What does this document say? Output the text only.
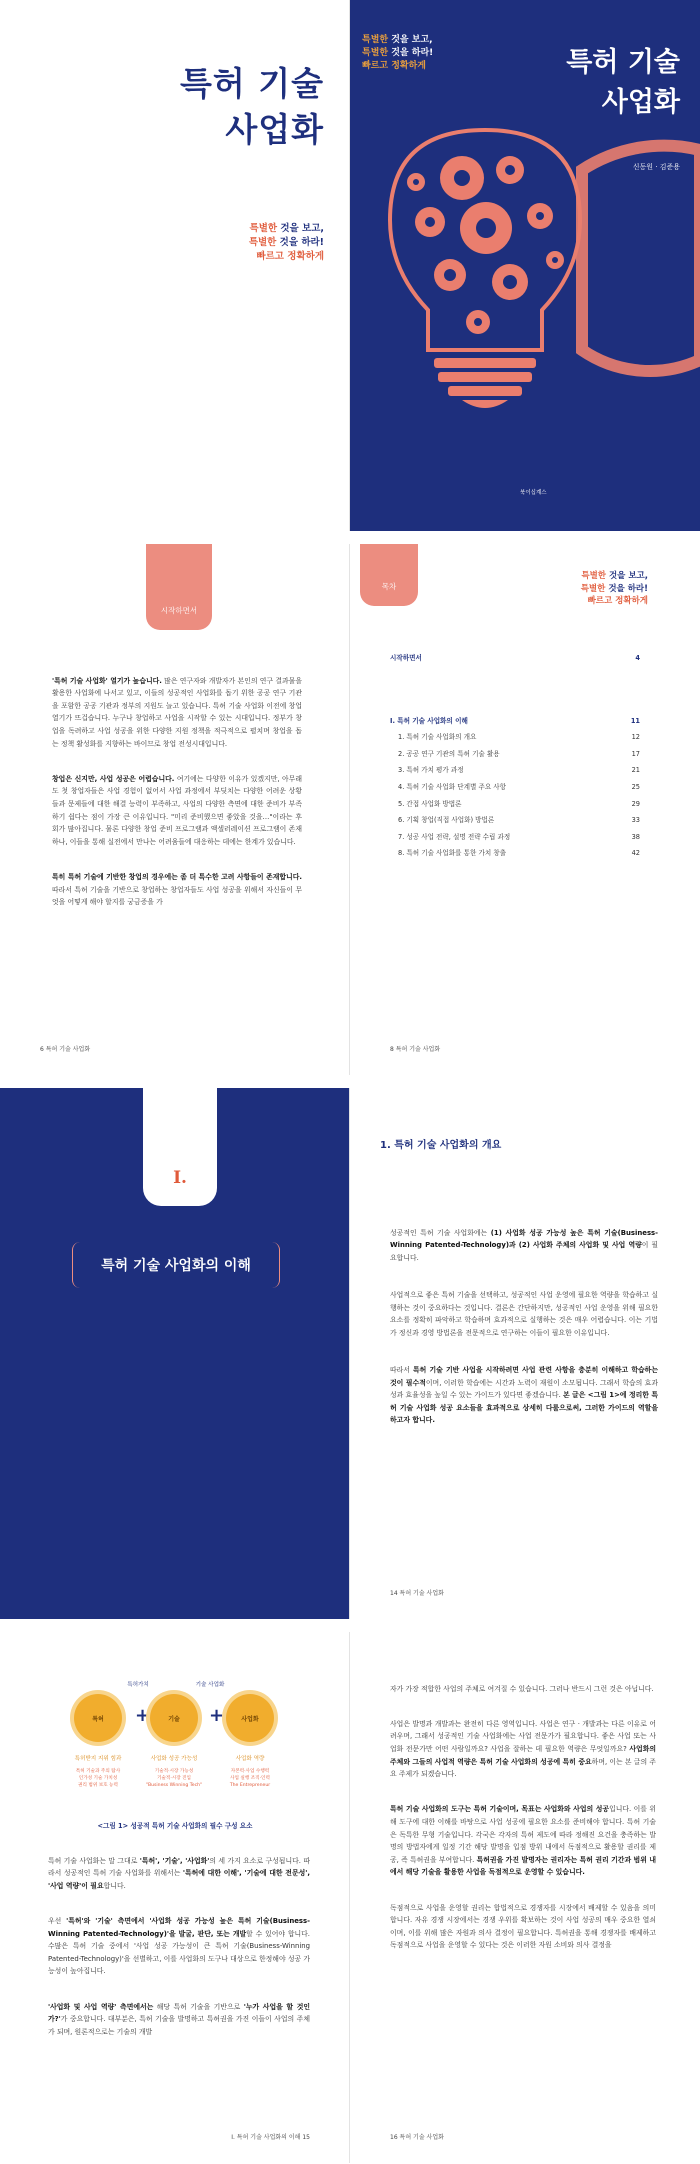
특허 기술
사업화
특별한 것을 보고,
특별한 것을 하라!
빠르고 정확하게
특별한 것을 보고,
특별한 것을 하라!
빠르고 정확하게	특허 기술
사업화
신동원 · 김준용
북이십계스
시작하면서

'특허 기술 사업화' 열기가 높습니다. 많은 연구자와 개발자가 본인의 연구 결과물을 활용한 사업화에 나서고 있고, 이들의 성공적인 사업화를 돕기 위한 공공 연구 기관을 포함한 공공 기관과 정부의 지원도 늘고 있습니다. 특허 기술 사업화 이전에 창업 열기가 뜨겁습니다. 누구나 창업하고 사업을 시작할 수 있는 시대입니다. 정부가 창업을 독려하고 사업 성공을 위한 다양한 지원 정책을 적극적으로 펼치며 창업을 돕는 정책 활성화를 지향하는 바이므로 창업 전성시대입니다.

창업은 신지만, 사업 성공은 어렵습니다. 여기에는 다양한 이유가 있겠지만, 아무래도 첫 창업자들은 사업 경험이 없어서 사업 과정에서 부딪치는 다양한 어려운 상황들과 문제들에 대한 해결 능력이 부족하고, 사업의 다양한 측면에 대한 준비가 부족하기 쉽다는 점이 가장 큰 이유입니다. "미리 준비했으면 좋았을 것을…"이라는 후회가 많아집니다. 물론 다양한 창업 준비 프로그램과 액셀러레이션 프로그램이 존재하나, 이들을 통해 실전에서 만나는 어려움들에 대응하는 데에는 한계가 있습니다.

특히 특허 기술에 기반한 창업의 경우에는 좀 더 특수한 고려 사항들이 존재합니다. 따라서 특허 기술을 기반으로 창업하는 창업자들도 사업 성공을 위해서 자신들이 무엇을 어떻게 해야 할지를 궁금증을 가

6 특허 기술 사업화
목차
특별한 것을 보고,
특별한 것을 하라!
빠르고 정확하게
시작하면서	4
I. 특허 기술 사업화의 이해	11
1. 특허 기술 사업화의 개요	12
2. 공공 연구 기관의 특허 기술 활용	17
3. 특허 가치 평가 과정	21
4. 특허 기술 사업화 단계별 주요 사항	25
5. 간접 사업화 방법론	29
6. 기획 창업(직접 사업화) 방법론	33
7. 성공 사업 전략, 설명 전략 수립 과정	38
8. 특허 기술 사업화를 통한 가치 창출	42
8 특허 기술 사업화
I.
특허 기술 사업화의 이해
1. 특허 기술 사업화의 개요

성공적인 특허 기술 사업화에는 (1) 사업화 성공 가능성 높은 특허 기술(Business-Winning Patented-Technology)과 (2) 사업화 주체의 사업화 및 사업 역량이 필요합니다.

사업적으로 좋은 특허 기술을 선택하고, 성공적인 사업 운영에 필요한 역량을 학습하고 실행하는 것이 중요하다는 것입니다. 결론은 간단하지만, 성공적인 사업 운영을 위해 필요한 요소를 정확히 파악하고 학습하며 효과적으로 실행하는 것은 매우 어렵습니다. 이는 기법가 정신과 경영 방법론을 전문적으로 연구하는 이들이 필요한 이유입니다.

따라서 특허 기술 기반 사업을 시작하려면 사업 관련 사항을 충분히 이해하고 학습하는 것이 필수적이며, 이러한 학습에는 시간과 노력이 재원이 소모됩니다. 그래서 학습의 효과성과 효율성을 높일 수 있는 가이드가 있다면 좋겠습니다. 본 글은 <그림 1>에 정리한 특허 기술 사업화 성공 요소들을 효과적으로 상세히 다룰으로써, 그러한 가이드의 역할을 하고자 합니다.

14 특허 기술 사업화
특허가치	기술 사업화
특허 +	기술 +	사업화
특허받지 지위 힘과	사업화 성공 가능성	사업화 역량
특허 기술과 주의 탐사
인가성 기술 가치성
권리 범위 보호 능력
기술적·시장 가능성
기술적·시장 진입
"Business Winning Tech"
자본력·사업 수행력
사업 실행 조직·인력
The Entrepreneur
<그림 1> 성공적 특허 기술 사업화의 필수 구성 요소

특허 기술 사업화는 말 그대로 '특허', '기술', '사업화'의 세 가지 요소로 구성됩니다. 따라서 성공적인 특허 기술 사업화를 위해서는 '특허에 대한 이해', '기술에 대한 전문성', '사업 역량'이 필요합니다.

우선 '특허'와 '기술' 측면에서 '사업화 성공 가능성 높은 특허 기술(Business-Winning Patented-Technology)'을 발굴, 판단, 또는 개발할 수 있어야 합니다. 수많은 특허 기술 중에서 '사업 성공 가능성이 큰 특허 기술(Business-Winning Patented-Technology)'을 선별하고, 이를 사업화의 도구나 대상으로 한정해야 성공 가능성이 높아집니다.

'사업화 및 사업 역량' 측면에서는 해당 특허 기술을 기반으로 '누가 사업을 할 것인가?'가 중요합니다. 대부분은, 특허 기술을 발명하고 특허권을 가진 이들이 사업의 주체가 되며, 원론적으로는 기술의 개발

I. 특허 기술 사업화의 이해 15

자가 가장 적합한 사업의 주체로 여겨질 수 있습니다. 그러나 반드시 그런 것은 아닙니다.

사업은 발명과 개발과는 완전히 다른 영역입니다. 사업은 연구 · 개발과는 다른 이유로 어려우며, 그래서 성공적인 기술 사업화에는 사업 전문가가 필요합니다. 좋은 사업 또는 사업화 전문가만 어떤 사람일까요? 사업을 잘하는 데 필요한 역량은 무엇일까요? 사업화의 주체와 그들의 사업적 역량은 특허 기술 사업화의 성공에 특히 중요하며, 이는 본 글의 주요 주제가 되겠습니다.

특허 기술 사업화의 도구는 특허 기술이며, 목표는 사업화와 사업의 성공입니다. 이를 위해 도구에 대한 이해를 바탕으로 사업 성공에 필요한 요소를 준비해야 합니다. 특허 기술은 독특한 무형 기술입니다. 각국은 각자의 특허 제도에 따라 정해진 요건을 충족하는 발명의 방법자에게 일정 기간 해당 발명을 입점 방위 내에서 독점적으로 활용할 권리를 제공, 즉 특허권을 부여합니다. 특허권을 가진 발명자는 권리자는 특허 권리 기간과 범위 내에서 해당 기술을 활용한 사업을 독점적으로 운영할 수 있습니다.

독점적으로 사업을 운영할 권리는 합법적으로 경쟁자를 시장에서 배제할 수 있음을 의미합니다. 자유 경쟁 시장에서는 경쟁 우위를 확보하는 것이 사업 성공의 매우 중요한 열쇠이며, 이를 위해 많은 자원과 의사 결정이 필요합니다. 특허권을 통해 경쟁자를 배제하고 독점적으로 사업을 운영할 수 있다는 것은 이러한 자원 소비와 의사 결정을

16 특허 기술 사업화
